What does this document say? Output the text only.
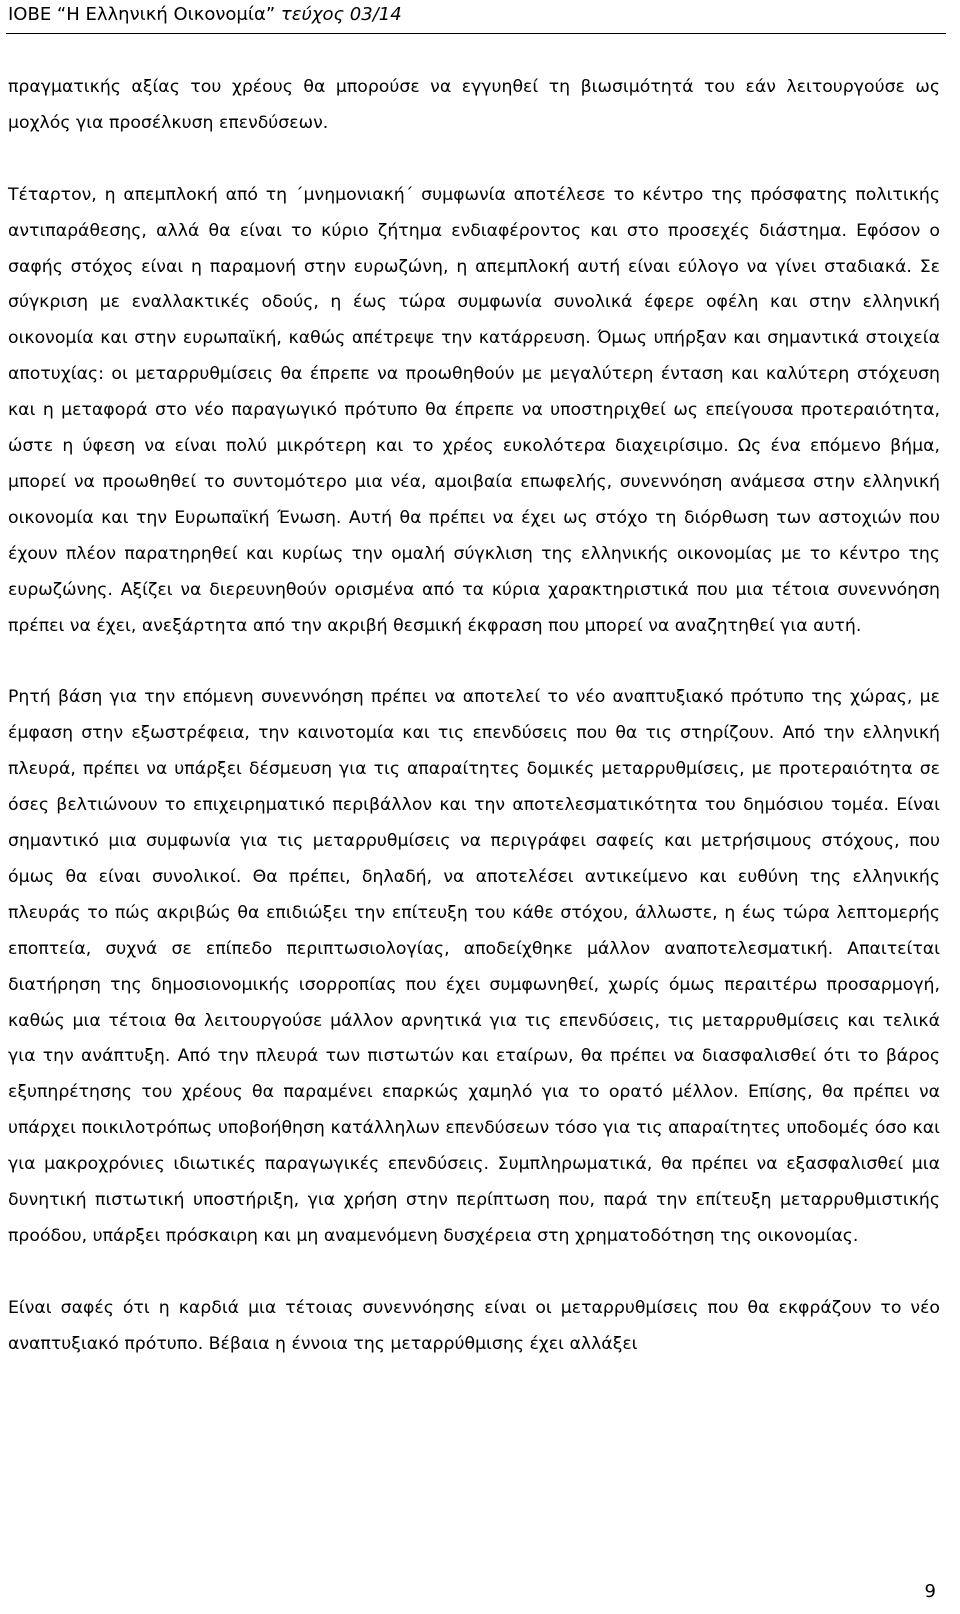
ΙΟΒΕ “Η Ελληνική Οικονομία” τεύχος 03/14

πραγματικής αξίας του χρέους θα μπορούσε να εγγυηθεί τη βιωσιμότητά του εάν λειτουργούσε ως μοχλός για προσέλκυση επενδύσεων.

Τέταρτον, η απεμπλοκή από τη ΄μνημονιακή΄ συμφωνία αποτέλεσε το κέντρο της πρόσφατης πολιτικής αντιπαράθεσης, αλλά θα είναι το κύριο ζήτημα ενδιαφέροντος και στο προσεχές διάστημα. Εφόσον ο σαφής στόχος είναι η παραμονή στην ευρωζώνη, η απεμπλοκή αυτή είναι εύλογο να γίνει σταδιακά. Σε σύγκριση με εναλλακτικές οδούς, η έως τώρα συμφωνία συνολικά έφερε οφέλη και στην ελληνική οικονομία και στην ευρωπαϊκή, καθώς απέτρεψε την κατάρρευση. Όμως υπήρξαν και σημαντικά στοιχεία αποτυχίας: οι μεταρρυθμίσεις θα έπρεπε να προωθηθούν με μεγαλύτερη ένταση και καλύτερη στόχευση και η μεταφορά στο νέο παραγωγικό πρότυπο θα έπρεπε να υποστηριχθεί ως επείγουσα προτεραιότητα, ώστε η ύφεση να είναι πολύ μικρότερη και το χρέος ευκολότερα διαχειρίσιμο. Ως ένα επόμενο βήμα, μπορεί να προωθηθεί το συντομότερο μια νέα, αμοιβαία επωφελής, συνεννόηση ανάμεσα στην ελληνική οικονομία και την Ευρωπαϊκή Ένωση. Αυτή θα πρέπει να έχει ως στόχο τη διόρθωση των αστοχιών που έχουν πλέον παρατηρηθεί και κυρίως την ομαλή σύγκλιση της ελληνικής οικονομίας με το κέντρο της ευρωζώνης. Αξίζει να διερευνηθούν ορισμένα από τα κύρια χαρακτηριστικά που μια τέτοια συνεννόηση πρέπει να έχει, ανεξάρτητα από την ακριβή θεσμική έκφραση που μπορεί να αναζητηθεί για αυτή.

Ρητή βάση για την επόμενη συνεννόηση πρέπει να αποτελεί το νέο αναπτυξιακό πρότυπο της χώρας, με έμφαση στην εξωστρέφεια, την καινοτομία και τις επενδύσεις που θα τις στηρίζουν. Από την ελληνική πλευρά, πρέπει να υπάρξει δέσμευση για τις απαραίτητες δομικές μεταρρυθμίσεις, με προτεραιότητα σε όσες βελτιώνουν το επιχειρηματικό περιβάλλον και την αποτελεσματικότητα του δημόσιου τομέα. Είναι σημαντικό μια συμφωνία για τις μεταρρυθμίσεις να περιγράφει σαφείς και μετρήσιμους στόχους, που όμως θα είναι συνολικοί. Θα πρέπει, δηλαδή, να αποτελέσει αντικείμενο και ευθύνη της ελληνικής πλευράς το πώς ακριβώς θα επιδιώξει την επίτευξη του κάθε στόχου, άλλωστε, η έως τώρα λεπτομερής εποπτεία, συχνά σε επίπεδο περιπτωσιολογίας, αποδείχθηκε μάλλον αναποτελεσματική. Απαιτείται διατήρηση της δημοσιονομικής ισορροπίας που έχει συμφωνηθεί, χωρίς όμως περαιτέρω προσαρμογή, καθώς μια τέτοια θα λειτουργούσε μάλλον αρνητικά για τις επενδύσεις, τις μεταρρυθμίσεις και τελικά για την ανάπτυξη. Από την πλευρά των πιστωτών και εταίρων, θα πρέπει να διασφαλισθεί ότι το βάρος εξυπηρέτησης του χρέους θα παραμένει επαρκώς χαμηλό για το ορατό μέλλον. Επίσης, θα πρέπει να υπάρχει ποικιλοτρόπως υποβοήθηση κατάλληλων επενδύσεων τόσο για τις απαραίτητες υποδομές όσο και για μακροχρόνιες ιδιωτικές παραγωγικές επενδύσεις. Συμπληρωματικά, θα πρέπει να εξασφαλισθεί μια δυνητική πιστωτική υποστήριξη, για χρήση στην περίπτωση που, παρά την επίτευξη μεταρρυθμιστικής προόδου, υπάρξει πρόσκαιρη και μη αναμενόμενη δυσχέρεια στη χρηματοδότηση της οικονομίας.

Είναι σαφές ότι η καρδιά μια τέτοιας συνεννόησης είναι οι μεταρρυθμίσεις που θα εκφράζουν το νέο αναπτυξιακό πρότυπο. Βέβαια η έννοια της μεταρρύθμισης έχει αλλάξει

9
